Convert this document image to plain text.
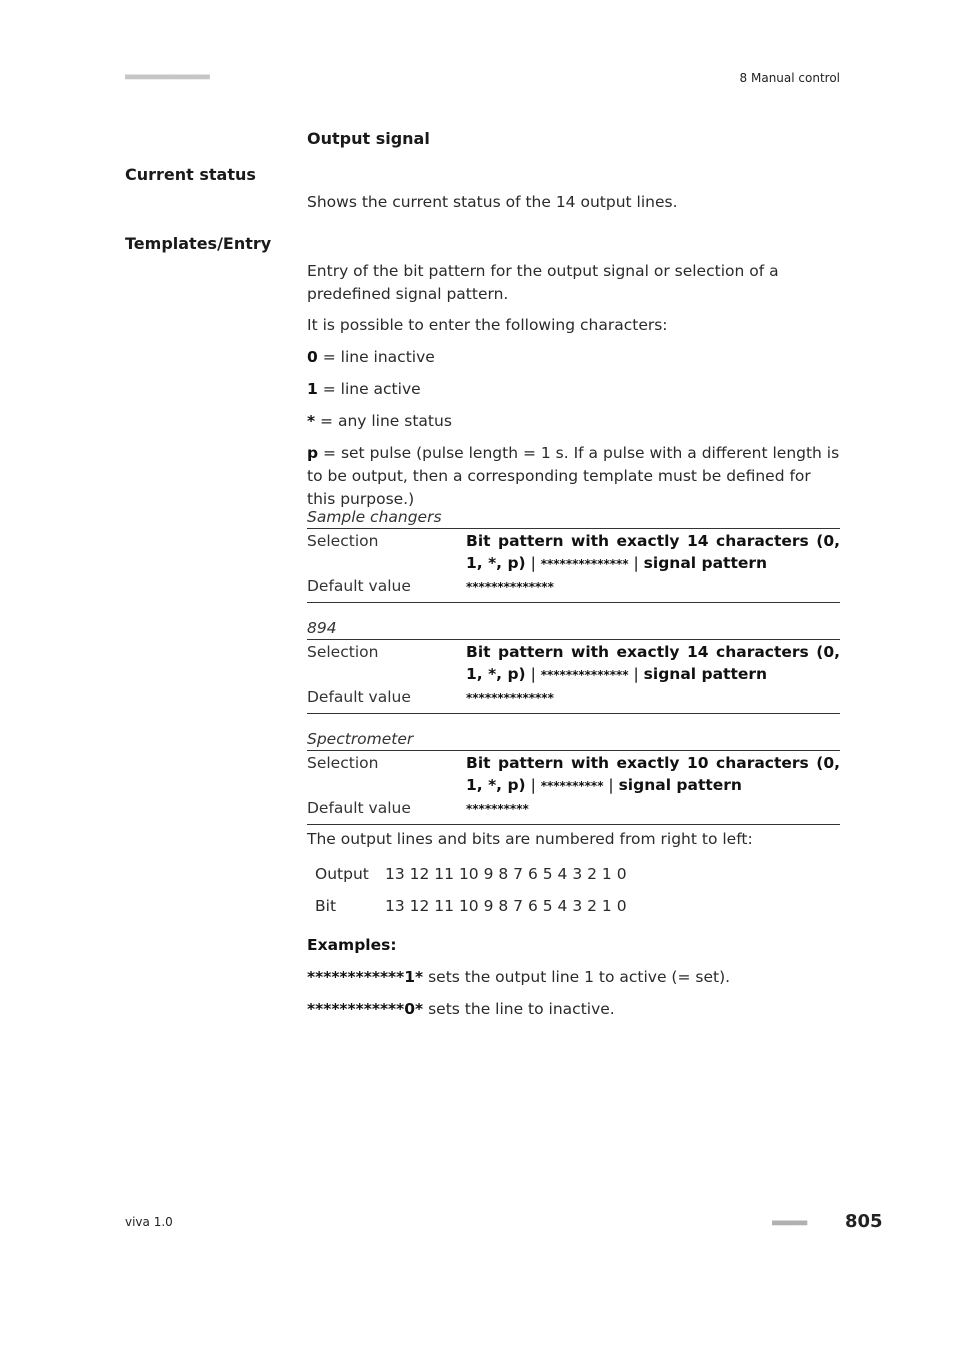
■■■■■■■■■■■■■■■■■■■■■■	8 Manual control
Output signal
Current status
Shows the current status of the 14 output lines.
Templates/Entry
Entry of the bit pattern for the output signal or selection of a predefined signal pattern.
It is possible to enter the following characters:
0 = line inactive
1 = line active
* = any line status
p = set pulse (pulse length = 1 s. If a pulse with a different length is to be output, then a corresponding template must be defined for this purpose.)
Sample changers
Selection	Bit pattern with exactly 14 characters (0, 1, *, p) | ************** | signal pattern
Default value	**************
894
Selection	Bit pattern with exactly 14 characters (0, 1, *, p) | ************** | signal pattern
Default value	**************
Spectrometer
Selection	Bit pattern with exactly 10 characters (0, 1, *, p) | ********** | signal pattern
Default value	**********
The output lines and bits are numbered from right to left:
Output 13 12 11 10 9 8 7 6 5 4 3 2 1 0
Bit	13 12 11 10 9 8 7 6 5 4 3 2 1 0
Examples:
************1* sets the output line 1 to active (= set).
************0* sets the line to inactive.
viva 1.0	■■■■■■■■■ 805
